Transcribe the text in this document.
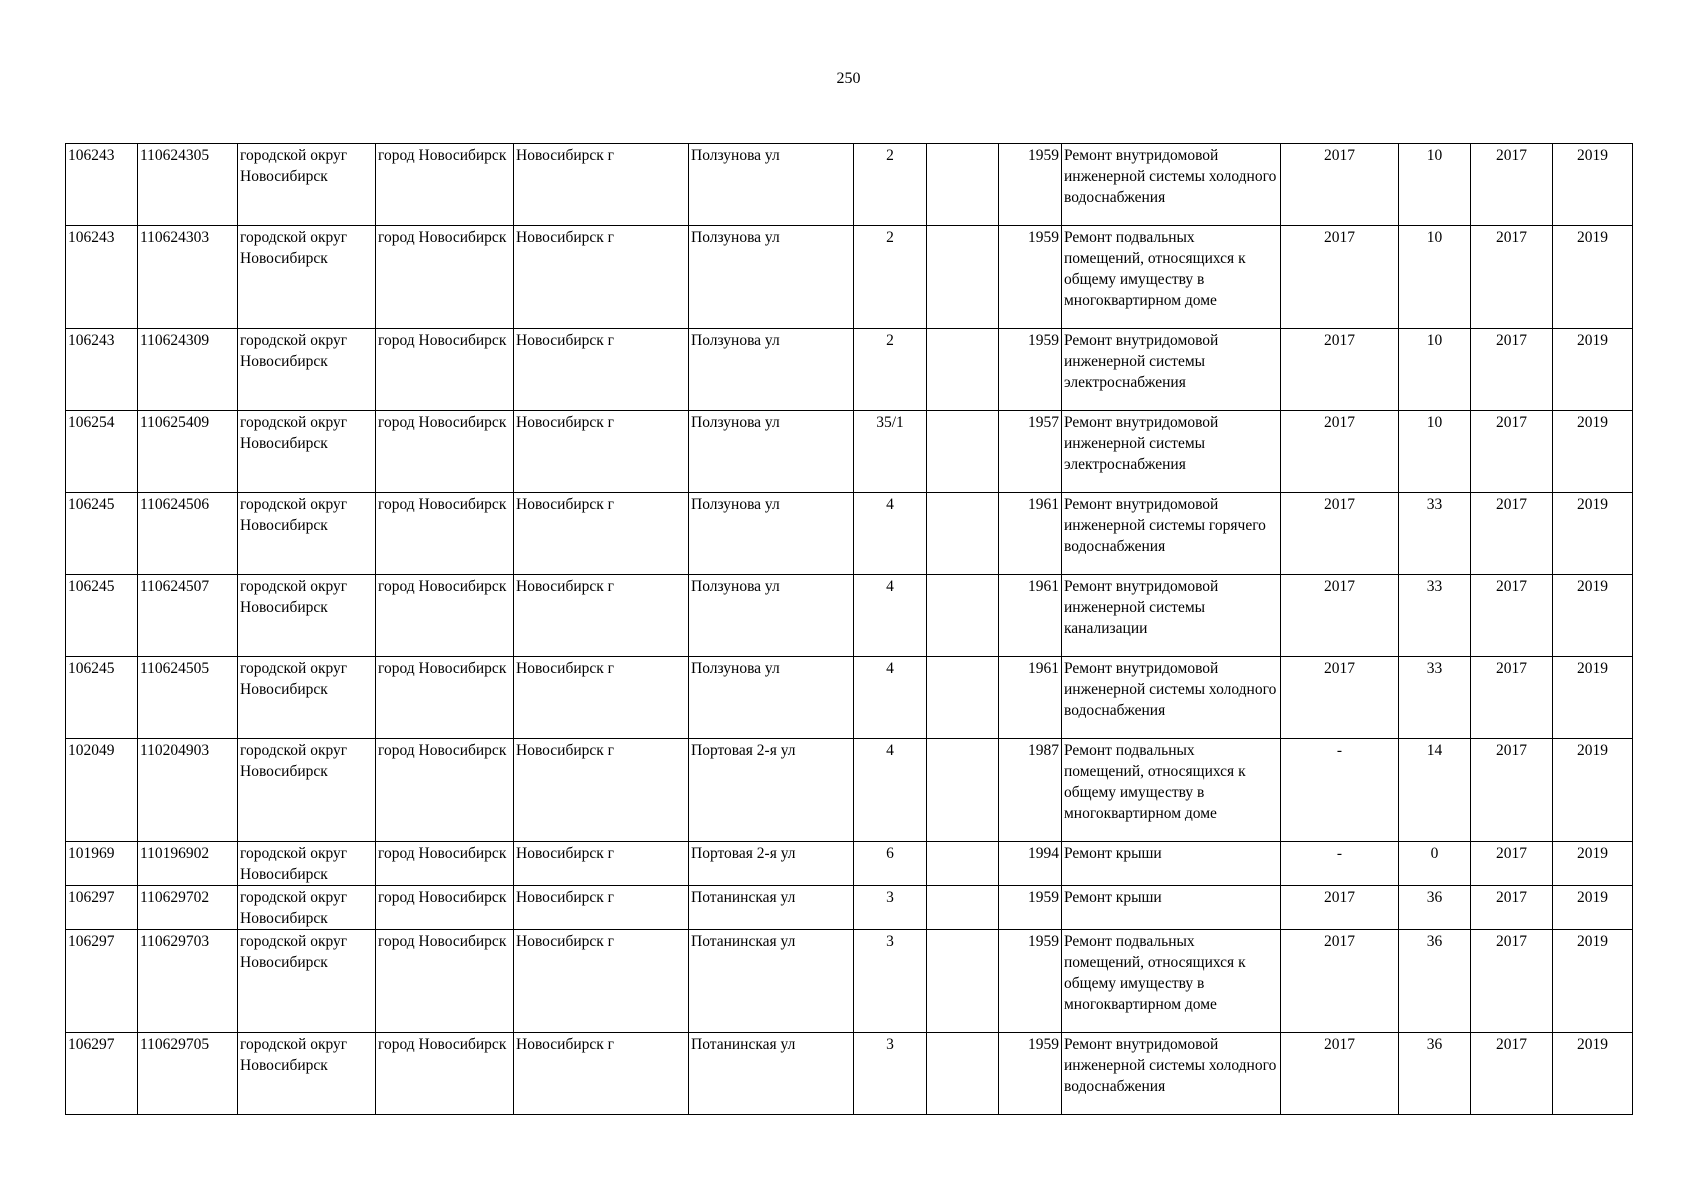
250
106243	110624305	городской округ Новосибирск	город Новосибирск	Новосибирск г	Ползунова ул	2		1959	Ремонт внутридомовой инженерной системы холодного водоснабжения	2017	10	2017	2019
106243	110624303	городской округ Новосибирск	город Новосибирск	Новосибирск г	Ползунова ул	2		1959	Ремонт подвальных помещений, относящихся к общему имуществу в многоквартирном доме	2017	10	2017	2019
106243	110624309	городской округ Новосибирск	город Новосибирск	Новосибирск г	Ползунова ул	2		1959	Ремонт внутридомовой инженерной системы электроснабжения	2017	10	2017	2019
106254	110625409	городской округ Новосибирск	город Новосибирск	Новосибирск г	Ползунова ул	35/1		1957	Ремонт внутридомовой инженерной системы электроснабжения	2017	10	2017	2019
106245	110624506	городской округ Новосибирск	город Новосибирск	Новосибирск г	Ползунова ул	4		1961	Ремонт внутридомовой инженерной системы горячего водоснабжения	2017	33	2017	2019
106245	110624507	городской округ Новосибирск	город Новосибирск	Новосибирск г	Ползунова ул	4		1961	Ремонт внутридомовой инженерной системы канализации	2017	33	2017	2019
106245	110624505	городской округ Новосибирск	город Новосибирск	Новосибирск г	Ползунова ул	4		1961	Ремонт внутридомовой инженерной системы холодного водоснабжения	2017	33	2017	2019
102049	110204903	городской округ Новосибирск	город Новосибирск	Новосибирск г	Портовая 2-я ул	4		1987	Ремонт подвальных помещений, относящихся к общему имуществу в многоквартирном доме	-	14	2017	2019
101969	110196902	городской округ Новосибирск	город Новосибирск	Новосибирск г	Портовая 2-я ул	6		1994	Ремонт крыши	-	0	2017	2019
106297	110629702	городской округ Новосибирск	город Новосибирск	Новосибирск г	Потанинская ул	3		1959	Ремонт крыши	2017	36	2017	2019
106297	110629703	городской округ Новосибирск	город Новосибирск	Новосибирск г	Потанинская ул	3		1959	Ремонт подвальных помещений, относящихся к общему имуществу в многоквартирном доме	2017	36	2017	2019
106297	110629705	городской округ Новосибирск	город Новосибирск	Новосибирск г	Потанинская ул	3		1959	Ремонт внутридомовой инженерной системы холодного водоснабжения	2017	36	2017	2019
